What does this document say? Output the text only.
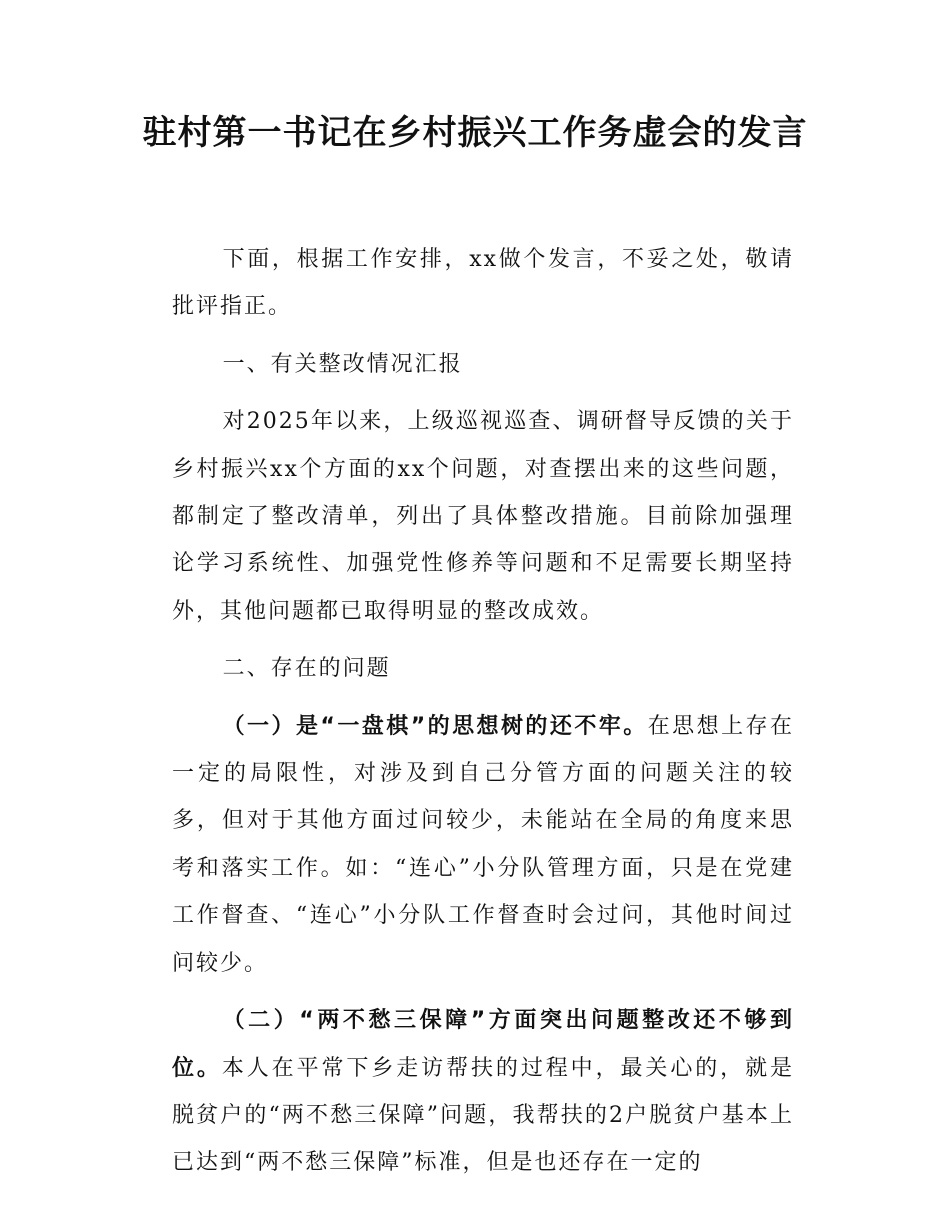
驻村第一书记在乡村振兴工作务虚会的发言

下面，根据工作安排，xx做个发言，不妥之处，敬请批评指正。

一、有关整改情况汇报

对2025年以来，上级巡视巡查、调研督导反馈的关于乡村振兴xx个方面的xx个问题，对查摆出来的这些问题，都制定了整改清单，列出了具体整改措施。目前除加强理论学习系统性、加强党性修养等问题和不足需要长期坚持外，其他问题都已取得明显的整改成效。

二、存在的问题

（一）是“一盘棋”的思想树的还不牢。在思想上存在一定的局限性，对涉及到自己分管方面的问题关注的较多，但对于其他方面过问较少，未能站在全局的角度来思考和落实工作。如：“连心”小分队管理方面，只是在党建工作督查、“连心”小分队工作督查时会过问，其他时间过问较少。

（二）“两不愁三保障”方面突出问题整改还不够到位。本人在平常下乡走访帮扶的过程中，最关心的，就是脱贫户的“两不愁三保障”问题，我帮扶的2户脱贫户基本上已达到“两不愁三保障”标准，但是也还存在一定的
